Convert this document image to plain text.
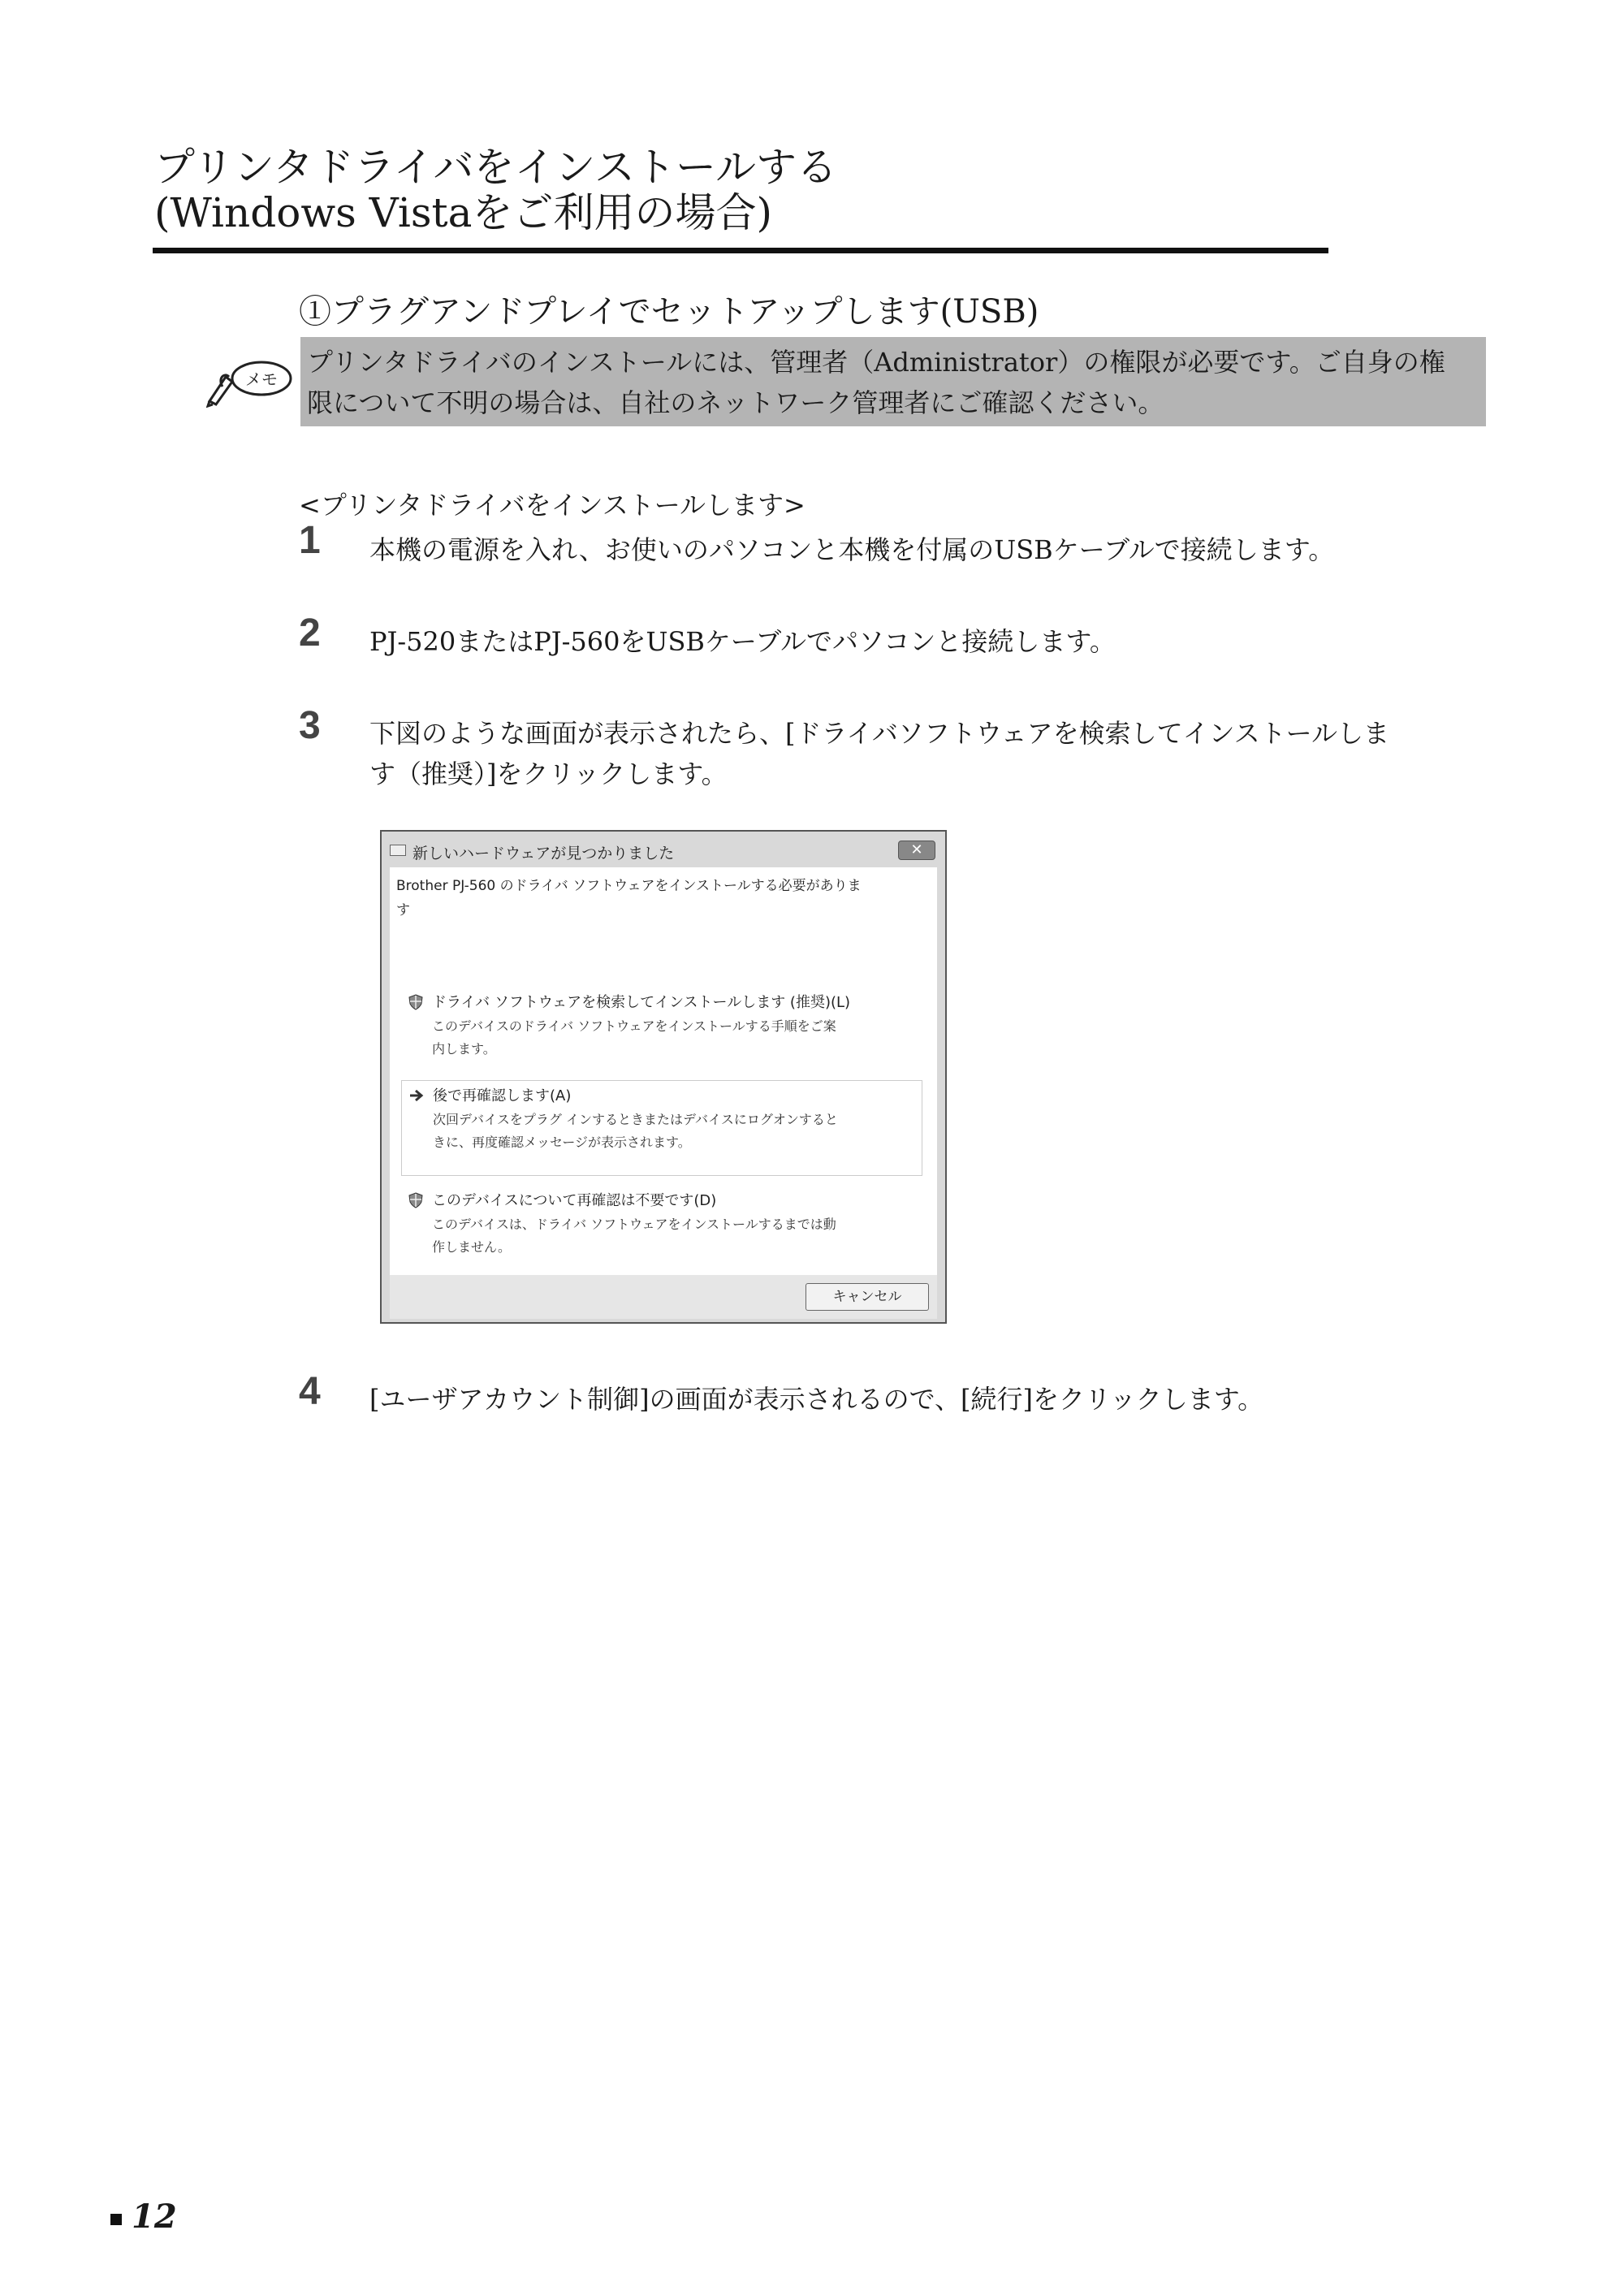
プリンタドライバをインストールする
(Windows Vistaをご利用の場合)
①プラグアンドプレイでセットアップします(USB)
メモ
プリンタドライバのインストールには、管理者（Administrator）の権限が必要です。ご自身の権
限について不明の場合は、自社のネットワーク管理者にご確認ください。
<プリンタドライバをインストールします>
1 本機の電源を入れ、お使いのパソコンと本機を付属のUSBケーブルで接続します。
2 PJ-520またはPJ-560をUSBケーブルでパソコンと接続します。
3 下図のような画面が表示されたら、[ドライバソフトウェアを検索してインストールしま
す（推奨）]をクリックします。
新しいハードウェアが見つかりました	✕
Brother PJ-560 のドライバ ソフトウェアをインストールする必要がありま
す
ドライバ ソフトウェアを検索してインストールします (推奨)(L)
このデバイスのドライバ ソフトウェアをインストールする手順をご案
内します。
後で再確認します(A)
次回デバイスをプラグ インするときまたはデバイスにログオンすると
きに、再度確認メッセージが表示されます。
このデバイスについて再確認は不要です(D)
このデバイスは、ドライバ ソフトウェアをインストールするまでは動
作しません。
キャンセル
4 [ユーザアカウント制御]の画面が表示されるので、[続行]をクリックします。
12
